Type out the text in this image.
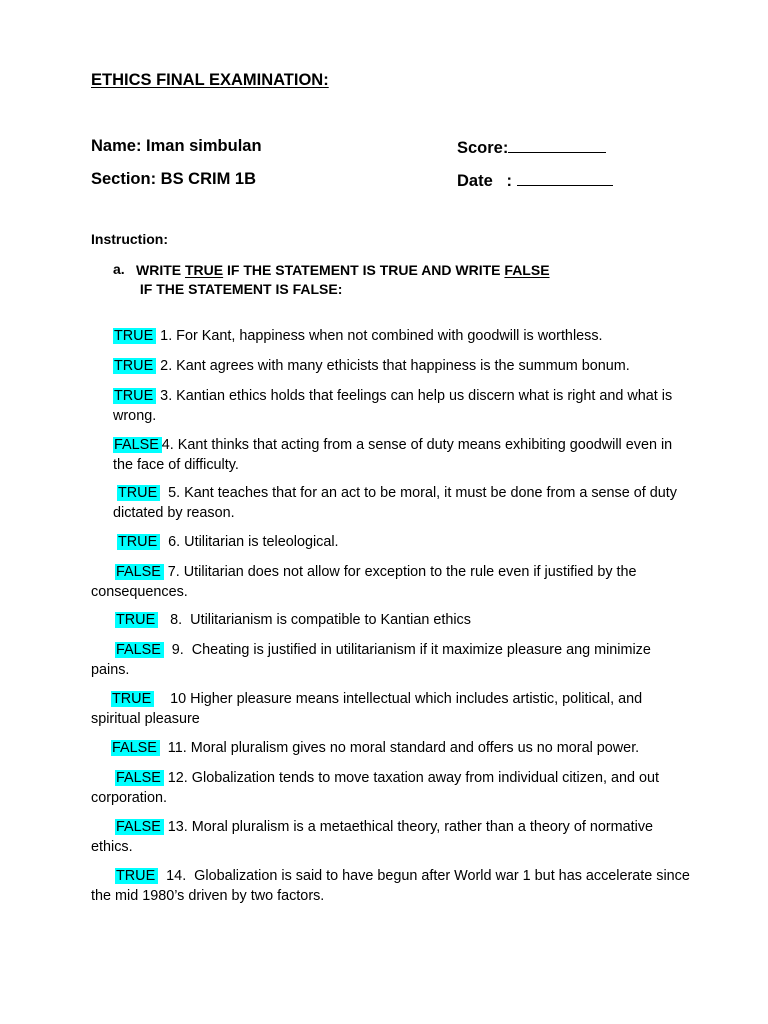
ETHICS FINAL EXAMINATION:
Name: Iman simbulan	Score:
Section: BS CRIM 1B	Date   :
Instruction:
a. WRITE TRUE IF THE STATEMENT IS TRUE AND WRITE FALSE IF THE STATEMENT IS FALSE:
TRUE 1. For Kant, happiness when not combined with goodwill is worthless.
TRUE 2. Kant agrees with many ethicists that happiness is the summum bonum.
TRUE 3. Kantian ethics holds that feelings can help us discern what is right and what is wrong.
FALSE 4. Kant thinks that acting from a sense of duty means exhibiting goodwill even in the face of difficulty.
TRUE  5. Kant teaches that for an act to be moral, it must be done from a sense of duty dictated by reason.
TRUE  6. Utilitarian is teleological.
FALSE 7. Utilitarian does not allow for exception to the rule even if justified by the consequences.
TRUE   8.  Utilitarianism is compatible to Kantian ethics
FALSE  9.  Cheating is justified in utilitarianism if it maximize pleasure ang minimize pains.
TRUE    10 Higher pleasure means intellectual which includes artistic, political, and spiritual pleasure
FALSE  11. Moral pluralism gives no moral standard and offers us no moral power.
FALSE 12. Globalization tends to move taxation away from individual citizen, and out corporation.
FALSE 13. Moral pluralism is a metaethical theory, rather than a theory of normative ethics.
TRUE  14.  Globalization is said to have begun after World war 1 but has accelerate since the mid 1980’s driven by two factors.
